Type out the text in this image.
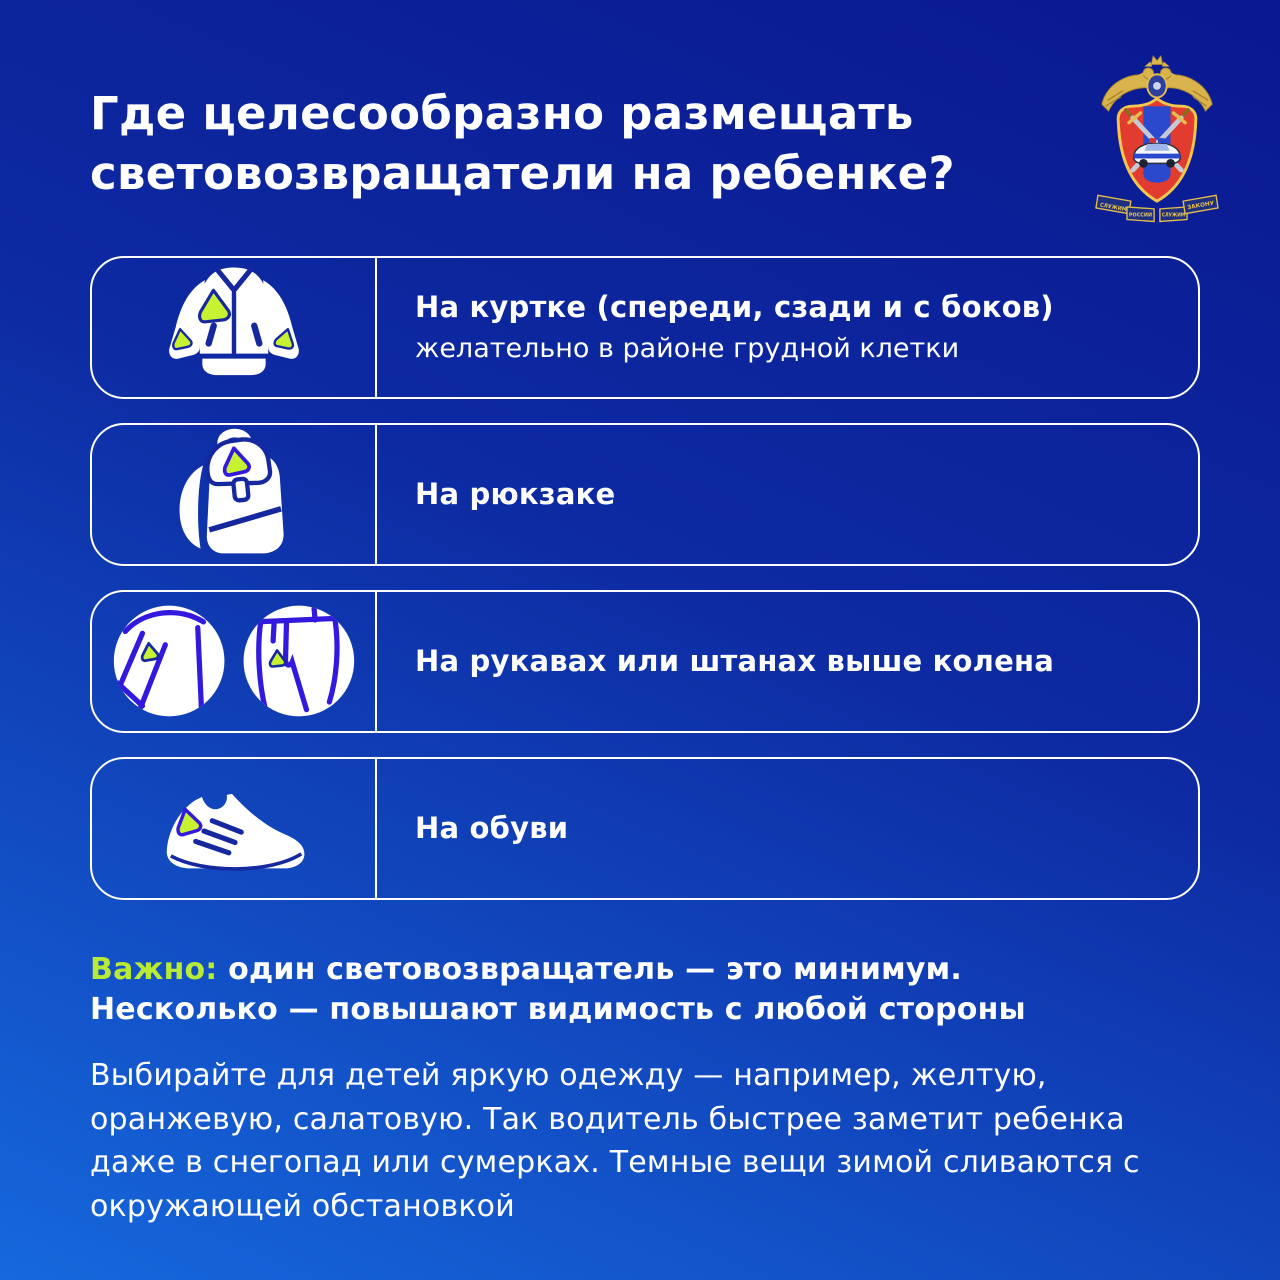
Где целесообразно размещать световозвращатели на ребенке?
СЛУЖИМ
РОССИИ СЛУЖИМ
ЗАКОНУ
На куртке (спереди, сзади и с боков)
желательно в районе грудной клетки
На рюкзаке
На рукавах или штанах выше колена
На обуви

Важно: один световозвращатель — это минимум.
Несколько — повышают видимость с любой стороны

Выбирайте для детей яркую одежду — например, желтую, оранжевую, салатовую. Так водитель быстрее заметит ребенка даже в снегопад или сумерках. Темные вещи зимой сливаются с окружающей обстановкой
